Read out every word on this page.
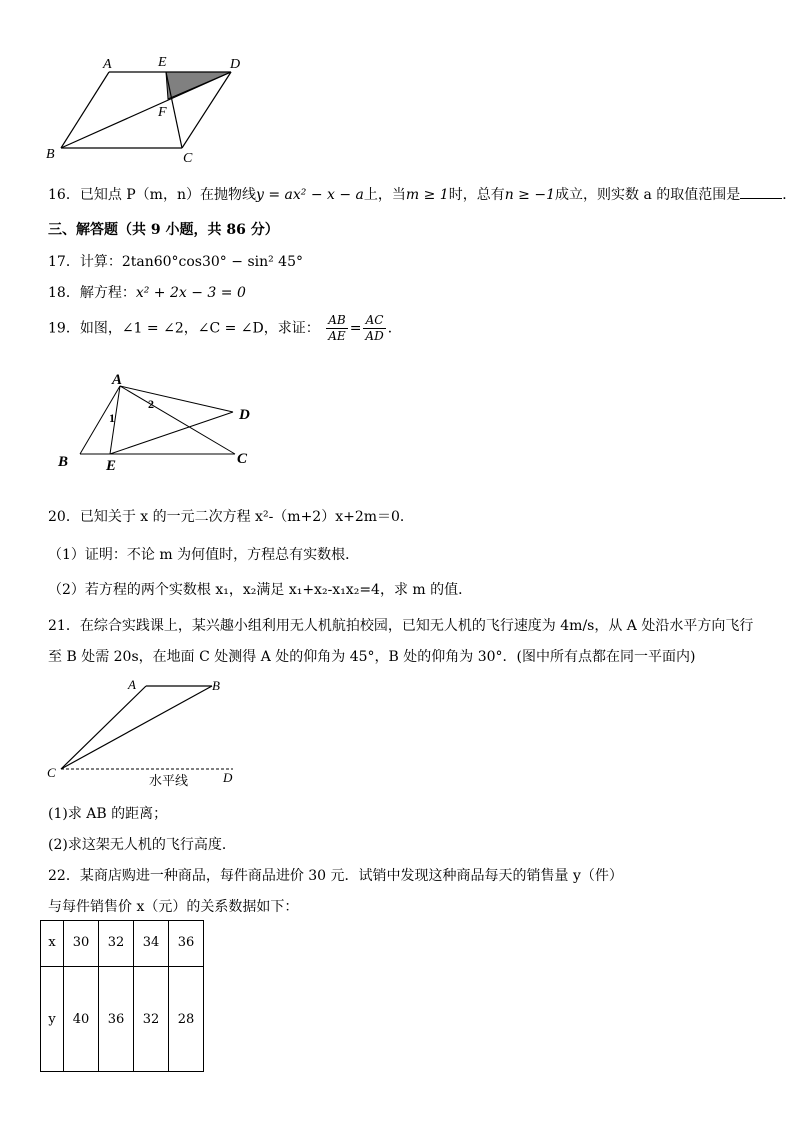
A	E	D
F
B	C
16．已知点 P（m，n）在抛物线y = ax² − x − a上，当m ≥ 1时，总有n ≥ −1成立，则实数 a 的取值范围是	．
三、解答题（共 9 小题，共 86 分）
17．计算：2tan60°cos30° − sin² 45°
18．解方程：x² + 2x − 3 = 0
19．如图，∠1 = ∠2，∠C = ∠D，求证： $\frac{AB}{AE} = \frac{AC}{AD}$ ．
A
D
B	E	C
1
2
20．已知关于 x 的一元二次方程 x²-（m+2）x+2m＝0．
（1）证明：不论 m 为何值时，方程总有实数根．
（2）若方程的两个实数根 x₁，x₂满足 x₁+x₂-x₁x₂=4，求 m 的值．
21．在综合实践课上，某兴趣小组利用无人机航拍校园，已知无人机的飞行速度为 4m/s，从 A 处沿水平方向飞行
至 B 处需 20s，在地面 C 处测得 A 处的仰角为 45°，B 处的仰角为 30°．(图中所有点都在同一平面内)
A	B
C	D
水平线
(1)求 AB 的距离；
(2)求这架无人机的飞行高度．
22．某商店购进一种商品，每件商品进价 30 元．试销中发现这种商品每天的销售量 y（件）
与每件销售价 x（元）的关系数据如下：
x	30	32	34	36
y	40	36	32	28
